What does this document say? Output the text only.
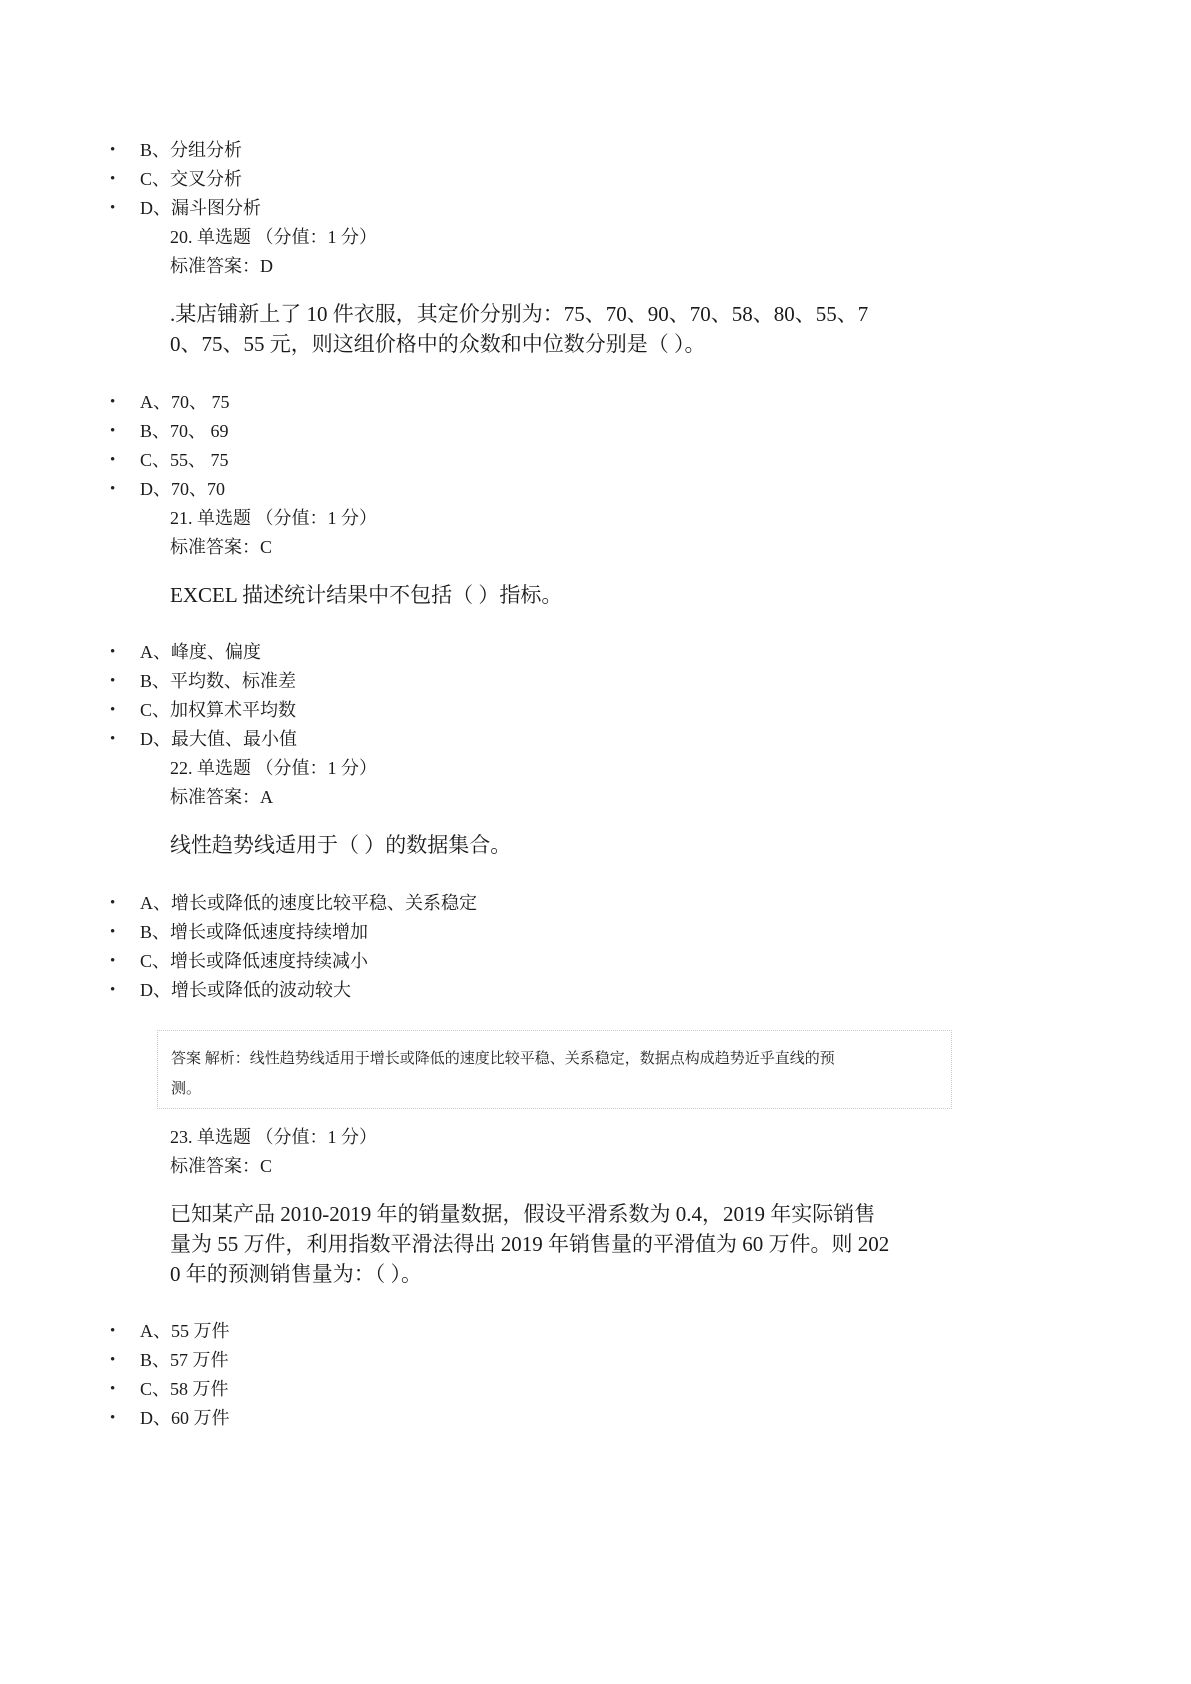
• B、分组分析
• C、交叉分析
• D、漏斗图分析
20. 单选题 （分值：1 分）
标准答案：D
.某店铺新上了 10 件衣服，其定价分别为：75、70、90、70、58、80、55、7
0、75、55 元，则这组价格中的众数和中位数分别是（ ）。
• A、70、 75
• B、70、 69
• C、55、 75
• D、70、70
21. 单选题 （分值：1 分）
标准答案：C
EXCEL 描述统计结果中不包括（ ）指标。
• A、峰度、偏度
• B、平均数、标准差
• C、加权算术平均数
• D、最大值、最小值
22. 单选题 （分值：1 分）
标准答案：A
线性趋势线适用于（ ）的数据集合。
• A、增长或降低的速度比较平稳、关系稳定
• B、增长或降低速度持续增加
• C、增长或降低速度持续减小
• D、增长或降低的波动较大
答案 解析：线性趋势线适用于增长或降低的速度比较平稳、关系稳定，数据点构成趋势近乎直线的预
测。
23. 单选题 （分值：1 分）
标准答案：C
已知某产品 2010-2019 年的销量数据，假设平滑系数为 0.4，2019 年实际销售
量为 55 万件，利用指数平滑法得出 2019 年销售量的平滑值为 60 万件。则 202
0 年的预测销售量为：（ ）。
• A、55 万件
• B、57 万件
• C、58 万件
• D、60 万件
